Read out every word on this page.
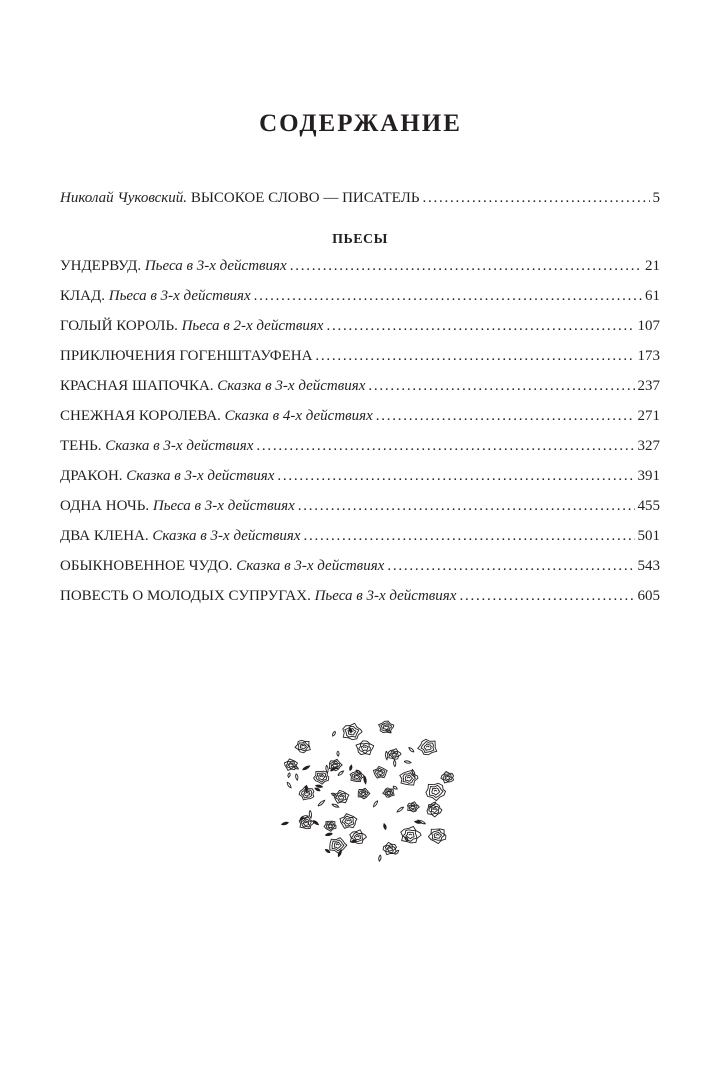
СОДЕРЖАНИЕ
Николай Чуковский. ВЫСОКОЕ СЛОВО — ПИСАТЕЛЬ . . .	5
ПЬЕСЫ
УНДЕРВУД. Пьеса в 3-х действиях . . .	21
КЛАД. Пьеса в 3-х действиях . . .	61
ГОЛЫЙ КОРОЛЬ. Пьеса в 2-х действиях . . .	107
ПРИКЛЮЧЕНИЯ ГОГЕНШТАУФЕНА . . .	173
КРАСНАЯ ШАПОЧКА. Сказка в 3-х действиях . . .	237
СНЕЖНАЯ КОРОЛЕВА. Сказка в 4-х действиях . . .	271
ТЕНЬ. Сказка в 3-х действиях . . .	327
ДРАКОН. Сказка в 3-х действиях . . .	391
ОДНА НОЧЬ. Пьеса в 3-х действиях . . .	455
ДВА КЛЕНА. Сказка в 3-х действиях . . .	501
ОБЫКНОВЕННОЕ ЧУДО. Сказка в 3-х действиях . . .	543
ПОВЕСТЬ О МОЛОДЫХ СУПРУГАХ. Пьеса в 3-х действиях . . .	605
